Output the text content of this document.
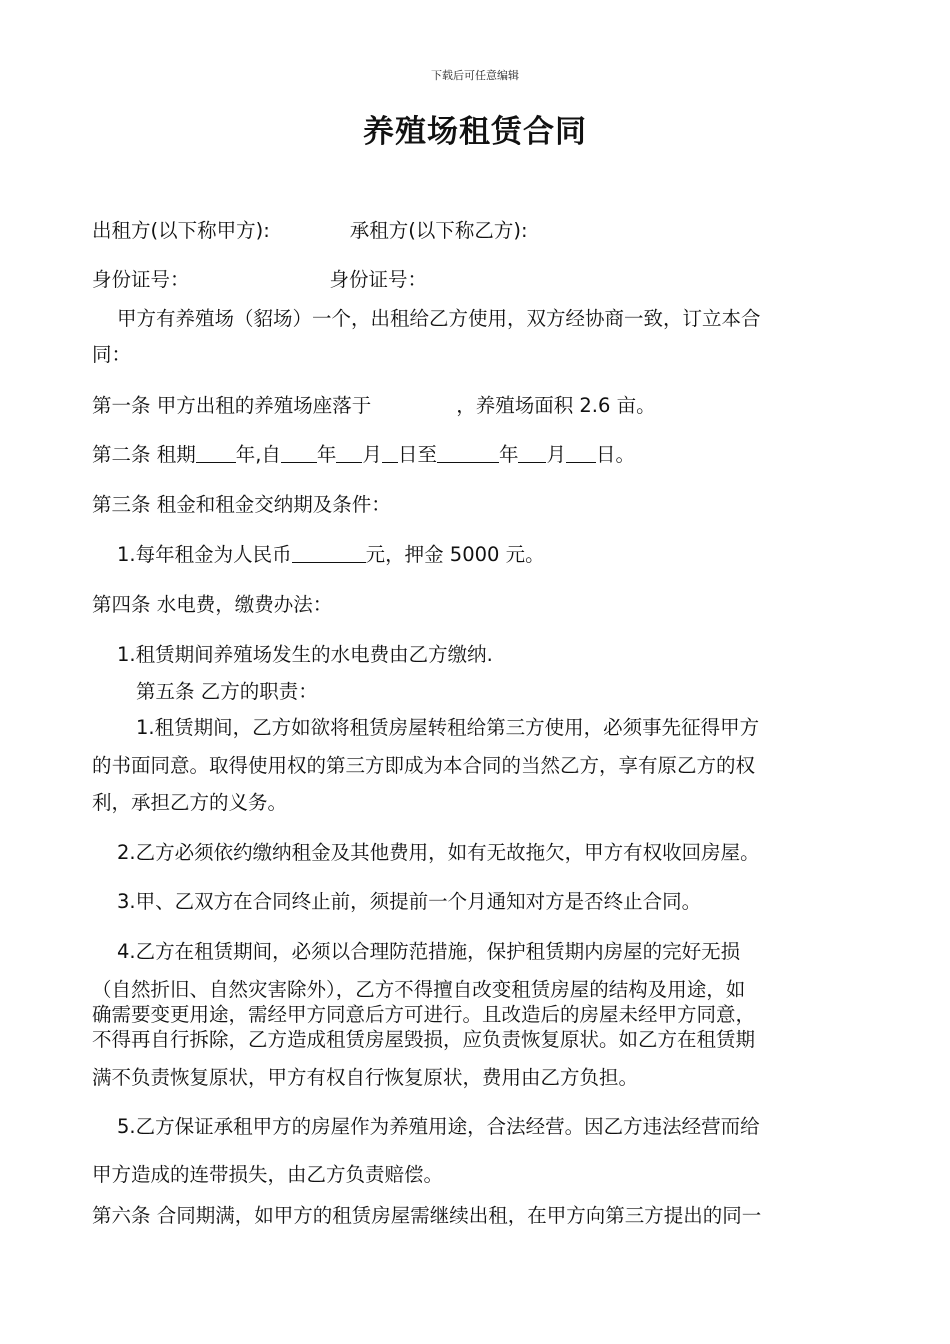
下载后可任意编辑
养殖场租赁合同
出租方(以下称甲方):	承租方(以下称乙方):
身份证号：	身份证号：
甲方有养殖场（貂场）一个，出租给乙方使用，双方经协商一致，订立本合
同：
第一条 甲方出租的养殖场座落于	，养殖场面积 2.6 亩。
第二条 租期 年,自 年 月 日至	年 月 日。
第三条 租金和租金交纳期及条件：
1.每年租金为人民币	元，押金 5000 元。
第四条 水电费，缴费办法：
1.租赁期间养殖场发生的水电费由乙方缴纳.
第五条 乙方的职责：
1.租赁期间，乙方如欲将租赁房屋转租给第三方使用，必须事先征得甲方
的书面同意。取得使用权的第三方即成为本合同的当然乙方，享有原乙方的权
利，承担乙方的义务。
2.乙方必须依约缴纳租金及其他费用，如有无故拖欠，甲方有权收回房屋。
3.甲、乙双方在合同终止前，须提前一个月通知对方是否终止合同。
4.乙方在租赁期间，必须以合理防范措施，保护租赁期内房屋的完好无损
（自然折旧、自然灾害除外），乙方不得擅自改变租赁房屋的结构及用途，如
确需要变更用途，需经甲方同意后方可进行。且改造后的房屋未经甲方同意，
不得再自行拆除，乙方造成租赁房屋毁损，应负责恢复原状。如乙方在租赁期
满不负责恢复原状，甲方有权自行恢复原状，费用由乙方负担。
5.乙方保证承租甲方的房屋作为养殖用途，合法经营。因乙方违法经营而给
甲方造成的连带损失，由乙方负责赔偿。
第六条 合同期满，如甲方的租赁房屋需继续出租，在甲方向第三方提出的同一
